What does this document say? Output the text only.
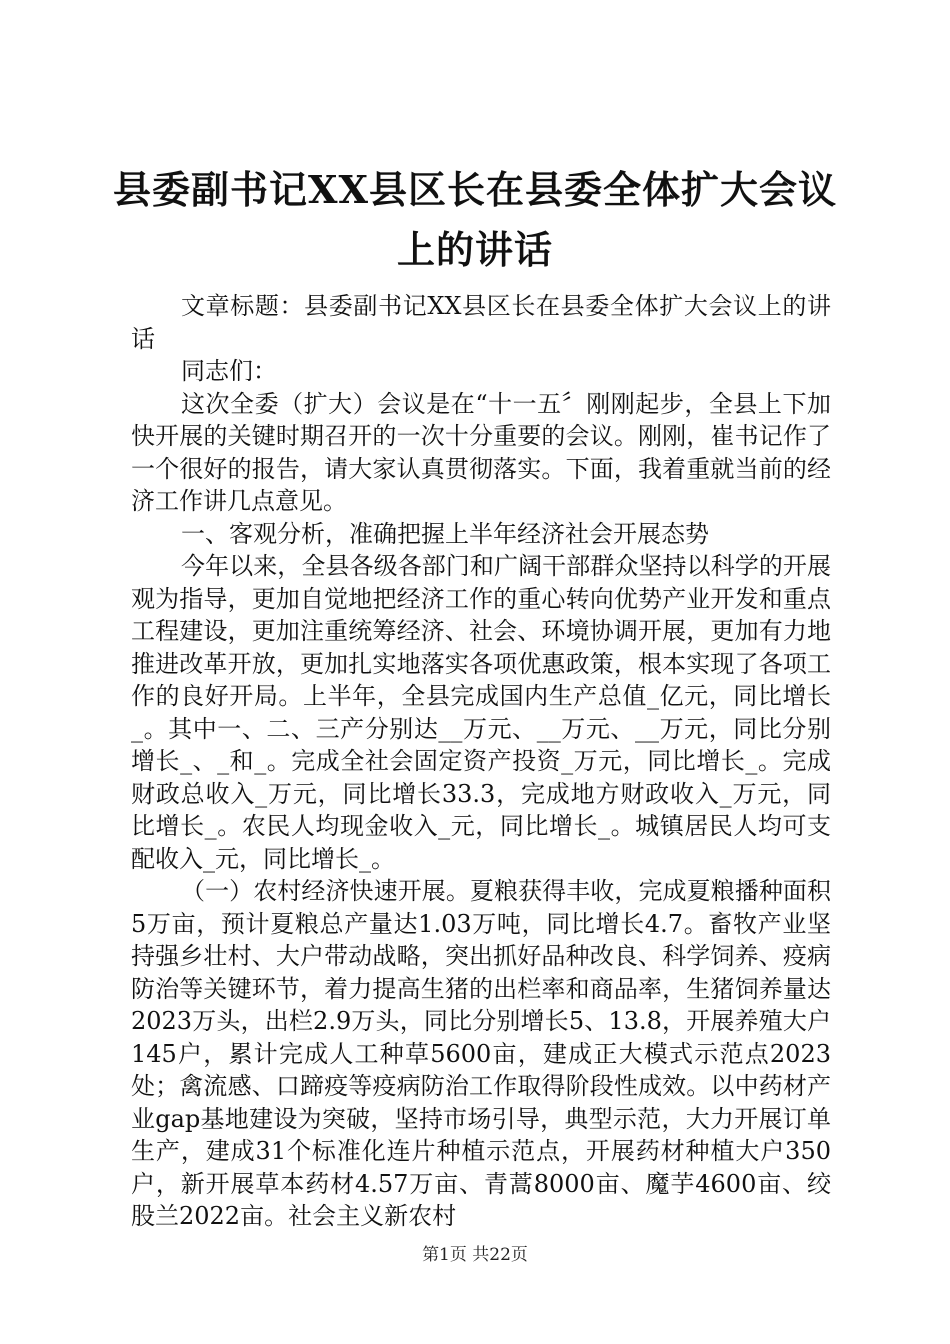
县委副书记XX县区长在县委全体扩大会议上的讲话

文章标题：县委副书记XX县区长在县委全体扩大会议上的讲话

同志们：

这次全委（扩大）会议是在“十一五〞刚刚起步，全县上下加快开展的关键时期召开的一次十分重要的会议。刚刚，崔书记作了一个很好的报告，请大家认真贯彻落实。下面，我着重就当前的经济工作讲几点意见。

一、客观分析，准确把握上半年经济社会开展态势

今年以来，全县各级各部门和广阔干部群众坚持以科学的开展观为指导，更加自觉地把经济工作的重心转向优势产业开发和重点工程建设，更加注重统筹经济、社会、环境协调开展，更加有力地推进改革开放，更加扎实地落实各项优惠政策，根本实现了各项工作的良好开局。上半年，全县完成国内生产总值_亿元，同比增长_。其中一、二、三产分别达__万元、__万元、__万元，同比分别增长_、_和_。完成全社会固定资产投资_万元，同比增长_。完成财政总收入_万元，同比增长33.3，完成地方财政收入_万元，同比增长_。农民人均现金收入_元，同比增长_。城镇居民人均可支配收入_元，同比增长_。

（一）农村经济快速开展。夏粮获得丰收，完成夏粮播种面积5万亩，预计夏粮总产量达1.03万吨，同比增长4.7。畜牧产业坚持强乡壮村、大户带动战略，突出抓好品种改良、科学饲养、疫病防治等关键环节，着力提高生猪的出栏率和商品率，生猪饲养量达2023万头，出栏2.9万头，同比分别增长5、13.8，开展养殖大户145户，累计完成人工种草5600亩，建成正大模式示范点2023处；禽流感、口蹄疫等疫病防治工作取得阶段性成效。以中药材产业gap基地建设为突破，坚持市场引导，典型示范，大力开展订单生产，建成31个标准化连片种植示范点，开展药材种植大户350户，新开展草本药材4.57万亩、青蒿8000亩、魔芋4600亩、绞股兰2022亩。社会主义新农村

第1页 共22页
